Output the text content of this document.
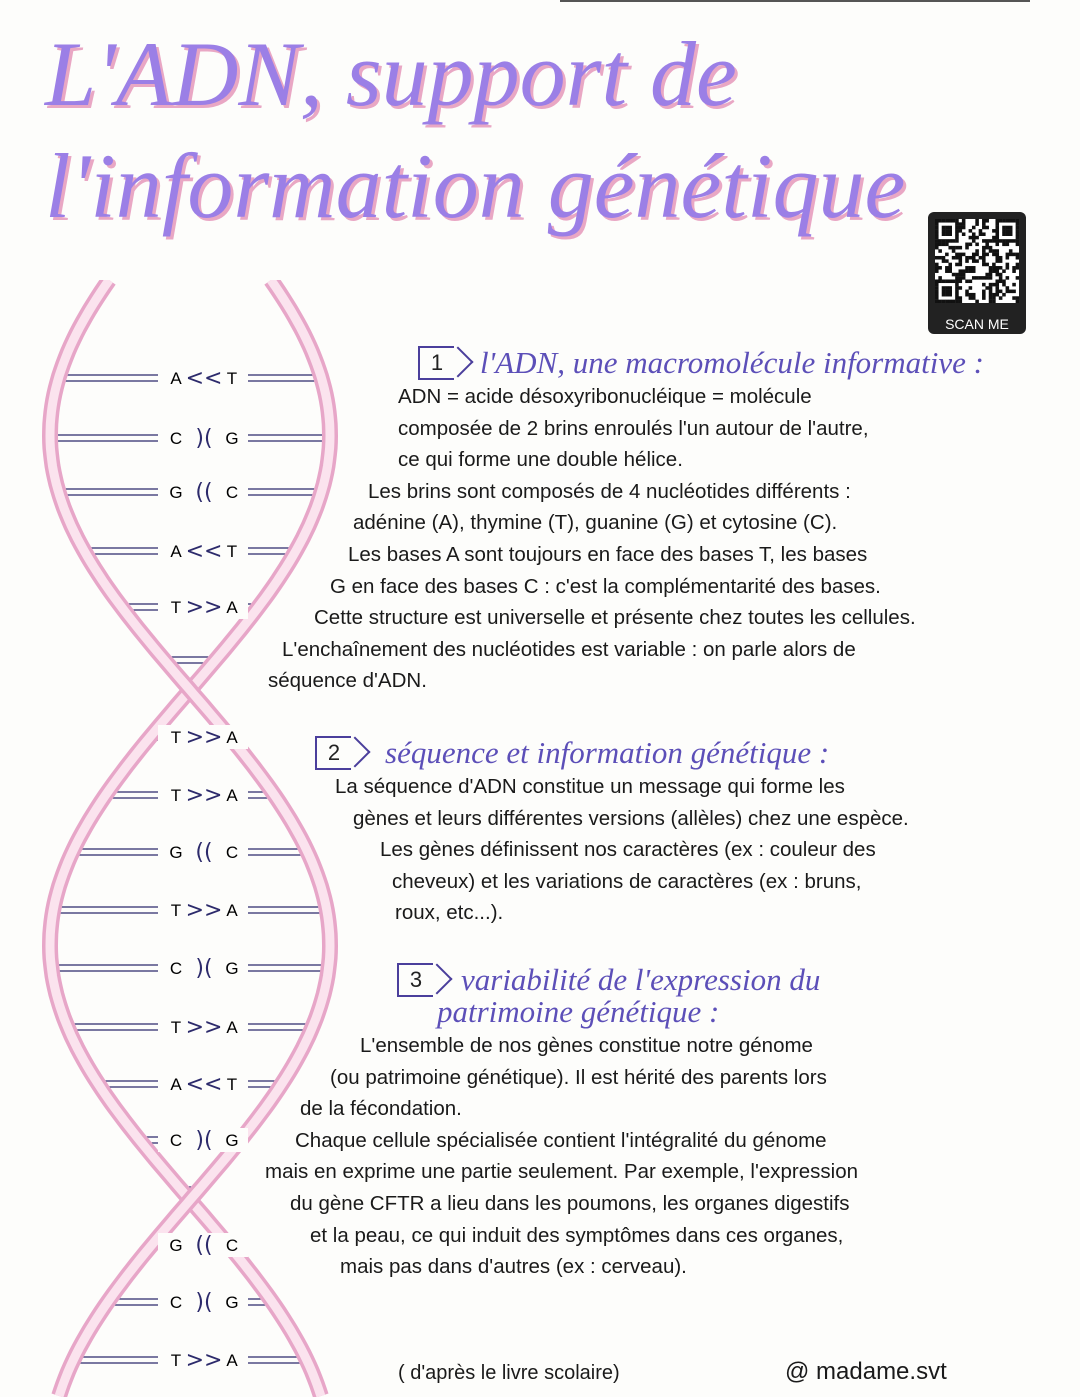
L'ADN, support de
l'information génétique
SCAN ME
A	T
<<
C	G
)(
G	C
((
A	T
<<
T	A
>>
T	A
>>
T	A
>>
G	C
((
T	A
>>
C	G
)(
T	A
>>
A	T
<<
C	G
)(
G	C
((
C	G
)(
T	A
>>
1	l'ADN, une macromolécule informative :
ADN = acide désoxyribonucléique = molécule
composée de 2 brins enroulés l'un autour de l'autre,
ce qui forme une double hélice.
Les brins sont composés de 4 nucléotides différents :
adénine (A), thymine (T), guanine (G) et cytosine (C).
Les bases A sont toujours en face des bases T, les bases
G en face des bases C : c'est la complémentarité des bases.
Cette structure est universelle et présente chez toutes les cellules.
L'enchaînement des nucléotides est variable : on parle alors de
séquence d'ADN.
2	séquence et information génétique :
La séquence d'ADN constitue un message qui forme les
gènes et leurs différentes versions (allèles) chez une espèce.
Les gènes définissent nos caractères (ex : couleur des
cheveux) et les variations de caractères (ex : bruns,
roux, etc...).
3	variabilité de l'expression du
patrimoine génétique :
L'ensemble de nos gènes constitue notre génome
(ou patrimoine génétique). Il est hérité des parents lors
de la fécondation.
Chaque cellule spécialisée contient l'intégralité du génome
mais en exprime une partie seulement. Par exemple, l'expression
du gène CFTR a lieu dans les poumons, les organes digestifs
et la peau, ce qui induit des symptômes dans ces organes,
mais pas dans d'autres (ex : cerveau).
( d'après le livre scolaire)	@ madame.svt
